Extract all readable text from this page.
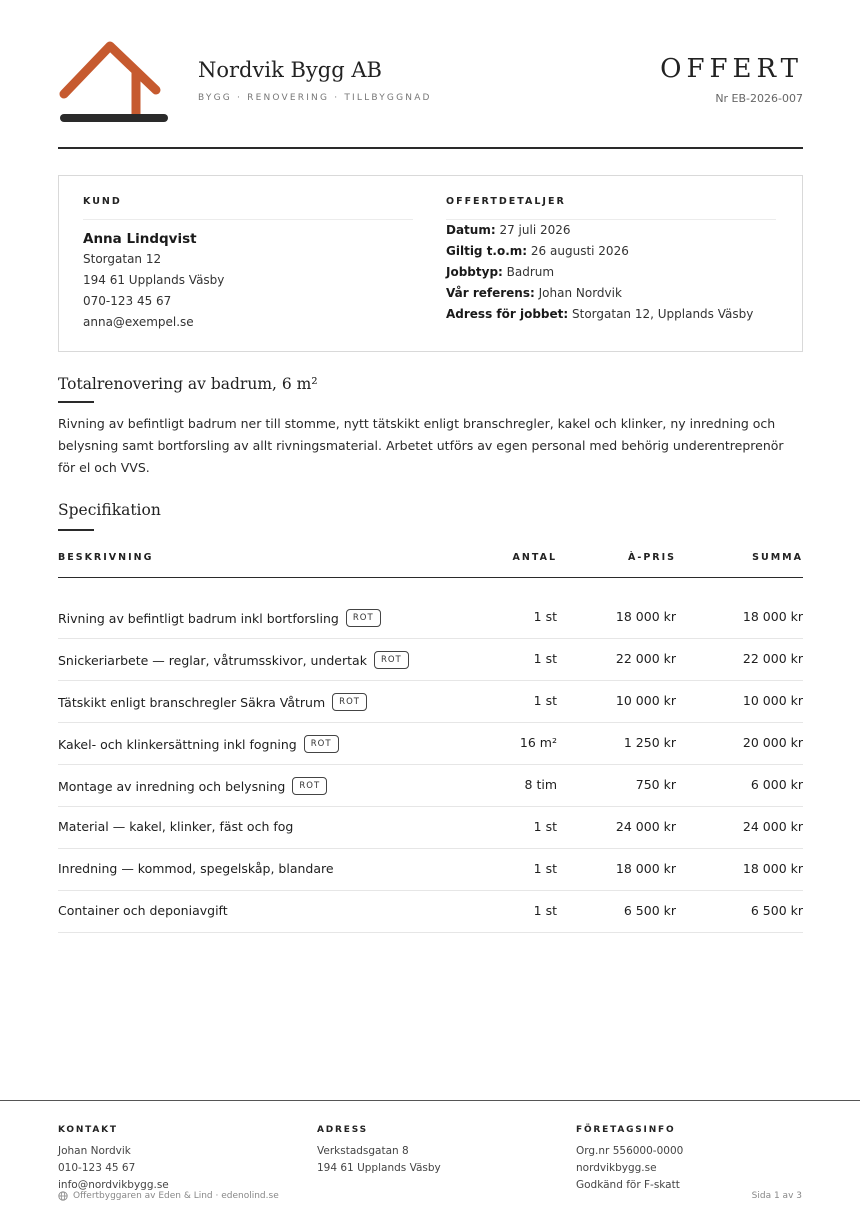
Nordvik Bygg AB
BYGG · RENOVERING · TILLBYGGNAD
OFFERT
Nr EB-2026-007
KUND
Anna Lindqvist
Storgatan 12
194 61 Upplands Väsby
070-123 45 67
anna@exempel.se
OFFERTDETALJER
Datum: 27 juli 2026
Giltig t.o.m: 26 augusti 2026
Jobbtyp: Badrum
Vår referens: Johan Nordvik
Adress för jobbet: Storgatan 12, Upplands Väsby
Totalrenovering av badrum, 6 m²
Rivning av befintligt badrum ner till stomme, nytt tätskikt enligt branschregler, kakel och klinker, ny inredning och belysning samt bortforsling av allt rivningsmaterial. Arbetet utförs av egen personal med behörig underentreprenör för el och VVS.
Specifikation
BESKRIVNING	ANTAL	À-PRIS	SUMMA
Rivning av befintligt badrum inkl bortforsling	ROT	1 st	18 000 kr	18 000 kr
Snickeriarbete — reglar, våtrumsskivor, undertak	ROT	1 st	22 000 kr	22 000 kr
Tätskikt enligt branschregler Säkra Våtrum	ROT	1 st	10 000 kr	10 000 kr
Kakel- och klinkersättning inkl fogning	ROT	16 m²	1 250 kr	20 000 kr
Montage av inredning och belysning	ROT	8 tim	750 kr	6 000 kr
Material — kakel, klinker, fäst och fog	1 st	24 000 kr	24 000 kr
Inredning — kommod, spegelskåp, blandare	1 st	18 000 kr	18 000 kr
Container och deponiavgift	1 st	6 500 kr	6 500 kr
KONTAKT
Johan Nordvik
010-123 45 67
info@nordvikbygg.se
ADRESS
Verkstadsgatan 8
194 61 Upplands Väsby
FÖRETAGSINFO
Org.nr 556000-0000
nordvikbygg.se
Godkänd för F-skatt
Offertbyggaren av Eden & Lind · edenolind.se	Sida 1 av 3
